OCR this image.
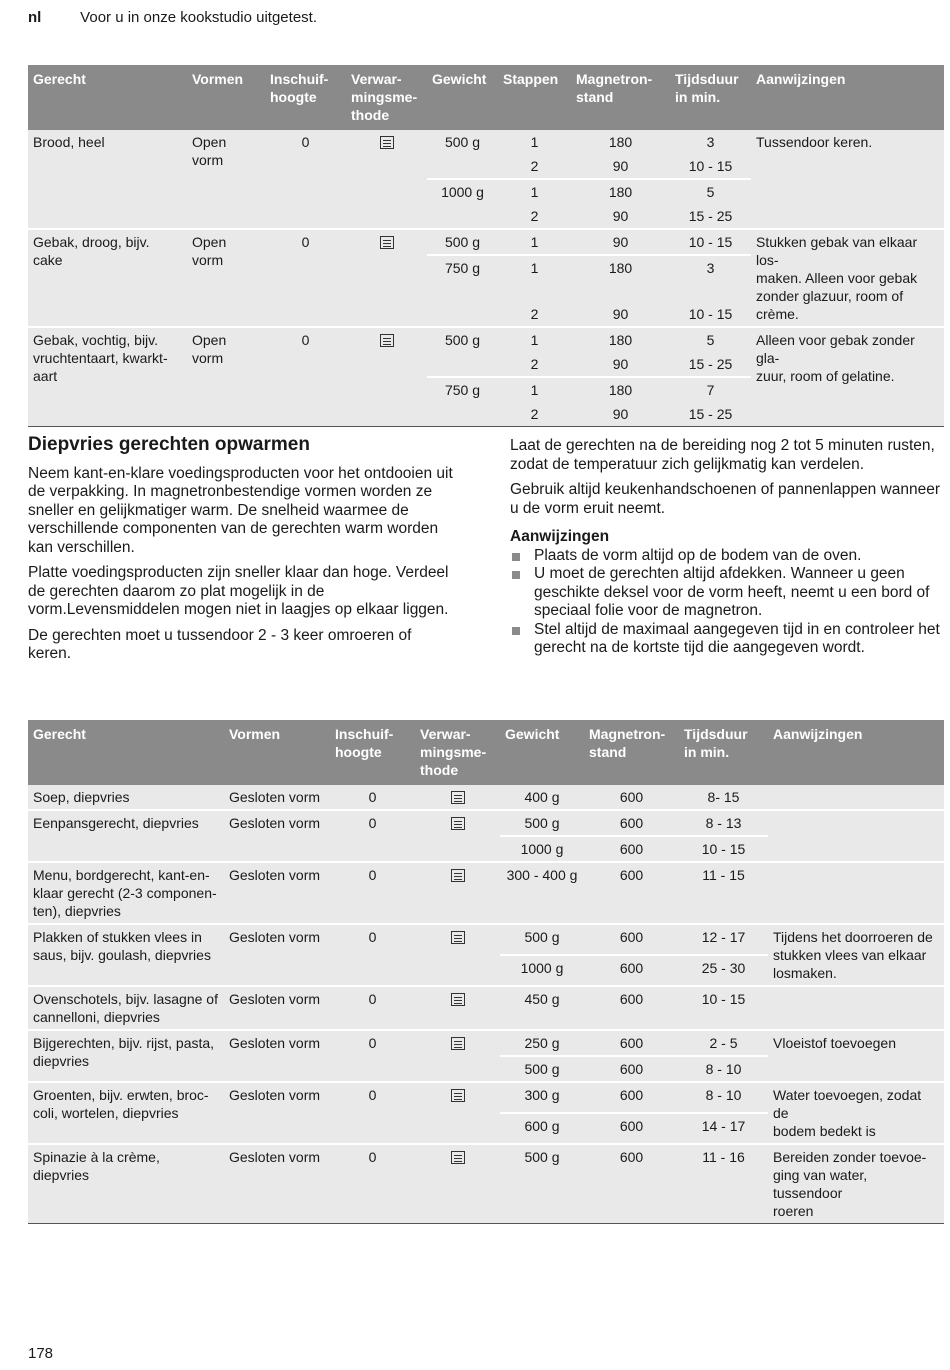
nl	Voor u in onze kookstudio uitgetest.
Gerecht	Vormen	Inschuif-
hoogte	Verwar-
mingsme-
thode	Gewicht	Stappen	Magnetron-
stand	Tijdsduur
in min.	Aanwijzingen
Brood, heel	Open vorm	0		500 g	1	180	3	Tussendoor keren.
					2	90	10 - 15	
				1000 g	1	180	5	
					2	90	15 - 25	
Gebak, droog, bijv. cake	Open vorm	0		500 g	1	90	10 - 15	Stukken gebak van elkaar los-
maken. Alleen voor gebak
zonder glazuur, room of
crème.
				750 g	1	180	3	
					2	90	10 - 15	
Gebak, vochtig, bijv.
vruchtentaart, kwarkt-
aart	Open vorm	0		500 g	1	180	5	Alleen voor gebak zonder gla-
zuur, room of gelatine.
					2	90	15 - 25	
				750 g	1	180	7	
					2	90	15 - 25	
Diepvries gerechten opwarmen

Neem kant-en-klare voedingsproducten voor het ontdooien uit de verpakking. In magnetronbestendige vormen worden ze sneller en gelijkmatiger warm. De snelheid waarmee de verschillende componenten van de gerechten warm worden kan verschillen.

Platte voedingsproducten zijn sneller klaar dan hoge. Verdeel de gerechten daarom zo plat mogelijk in de vorm.Levensmiddelen mogen niet in laagjes op elkaar liggen.

De gerechten moet u tussendoor 2 - 3 keer omroeren of keren.

Laat de gerechten na de bereiding nog 2 tot 5 minuten rusten, zodat de temperatuur zich gelijkmatig kan verdelen.

Gebruik altijd keukenhandschoenen of pannenlappen wanneer u de vorm eruit neemt.

Aanwijzingen
Plaats de vorm altijd op de bodem van de oven.
U moet de gerechten altijd afdekken. Wanneer u geen geschikte deksel voor de vorm heeft, neemt u een bord of speciaal folie voor de magnetron.
Stel altijd de maximaal aangegeven tijd in en controleer het gerecht na de kortste tijd die aangegeven wordt.
Gerecht	Vormen	Inschuif-
hoogte	Verwar-
mingsme-
thode	Gewicht	Magnetron-
stand	Tijdsduur
in min.	Aanwijzingen
Soep, diepvries	Gesloten vorm	0		400 g	600	8- 15	
Eenpansgerecht, diepvries	Gesloten vorm	0		500 g	600	8 - 13	
				1000 g	600	10 - 15	
Menu, bordgerecht, kant-en-
klaar gerecht (2-3 componen-
ten), diepvries	Gesloten vorm	0		300 - 400 g	600	11 - 15	
Plakken of stukken vlees in
saus, bijv. goulash, diepvries	Gesloten vorm	0		500 g	600	12 - 17	Tijdens het doorroeren de
stukken vlees van elkaar
losmaken.
				1000 g	600	25 - 30	
Ovenschotels, bijv. lasagne of
cannelloni, diepvries	Gesloten vorm	0		450 g	600	10 - 15	
Bijgerechten, bijv. rijst, pasta,
diepvries	Gesloten vorm	0		250 g	600	2 - 5	Vloeistof toevoegen
				500 g	600	8 - 10	
Groenten, bijv. erwten, broc-
coli, wortelen, diepvries	Gesloten vorm	0		300 g	600	8 - 10	Water toevoegen, zodat de
bodem bedekt is
				600 g	600	14 - 17	
Spinazie à la crème, diepvries	Gesloten vorm	0		500 g	600	11 - 16	Bereiden zonder toevoe-
ging van water, tussendoor
roeren
178
